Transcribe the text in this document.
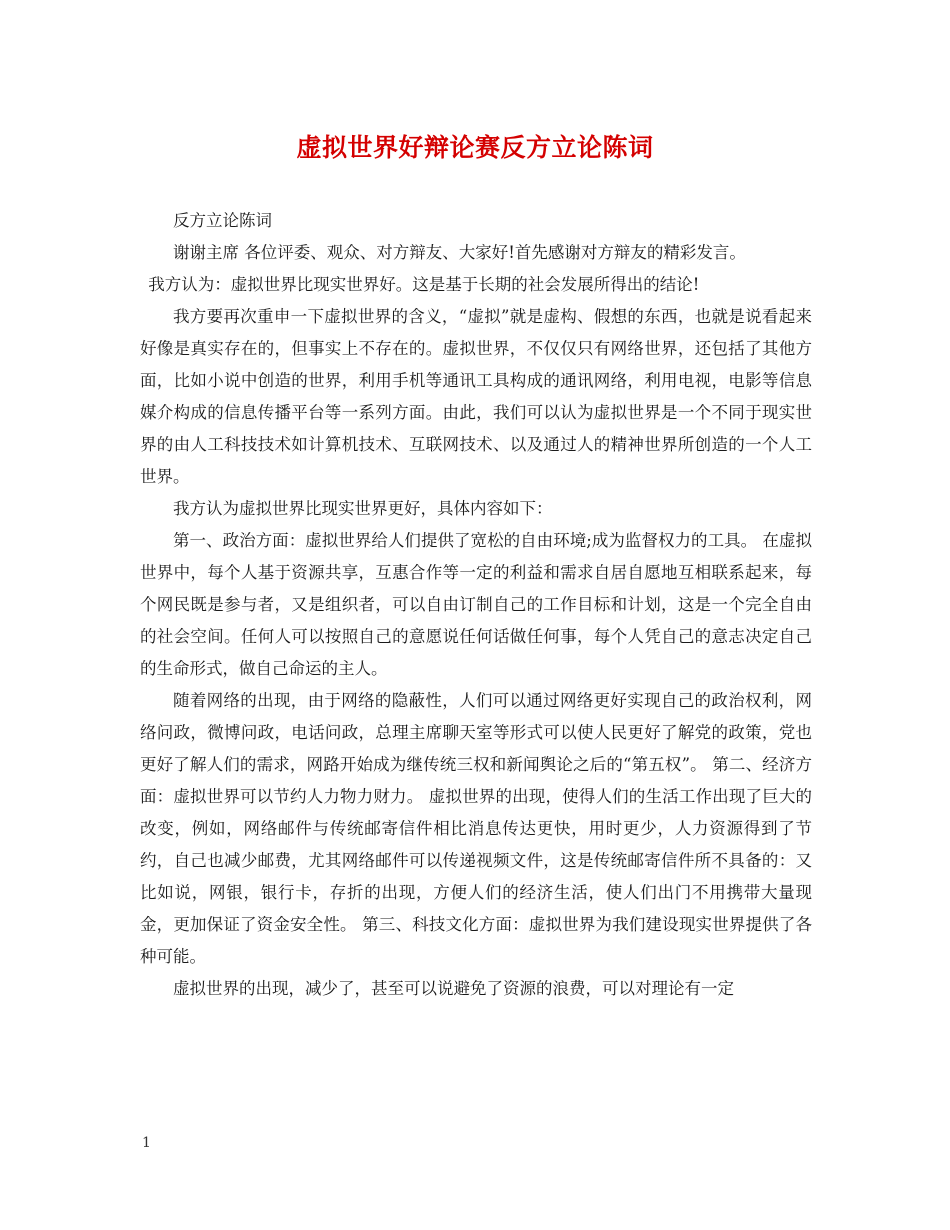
虚拟世界好辩论赛反方立论陈词

反方立论陈词

谢谢主席 各位评委、观众、对方辩友、大家好!首先感谢对方辩友的精彩发言。

我方认为：虚拟世界比现实世界好。这是基于长期的社会发展所得出的结论!

我方要再次重申一下虚拟世界的含义，“虚拟”就是虚构、假想的东西，也就是说看起来好像是真实存在的，但事实上不存在的。虚拟世界，不仅仅只有网络世界，还包括了其他方面，比如小说中创造的世界，利用手机等通讯工具构成的通讯网络，利用电视，电影等信息媒介构成的信息传播平台等一系列方面。由此，我们可以认为虚拟世界是一个不同于现实世界的由人工科技技术如计算机技术、互联网技术、以及通过人的精神世界所创造的一个人工世界。

我方认为虚拟世界比现实世界更好，具体内容如下：

第一、政治方面：虚拟世界给人们提供了宽松的自由环境;成为监督权力的工具。 在虚拟世界中，每个人基于资源共享，互惠合作等一定的利益和需求自居自愿地互相联系起来，每个网民既是参与者，又是组织者，可以自由订制自己的工作目标和计划，这是一个完全自由的社会空间。任何人可以按照自己的意愿说任何话做任何事，每个人凭自己的意志决定自己的生命形式，做自己命运的主人。

随着网络的出现，由于网络的隐蔽性，人们可以通过网络更好实现自己的政治权利，网络问政，微博问政，电话问政，总理主席聊天室等形式可以使人民更好了解党的政策，党也更好了解人们的需求，网路开始成为继传统三权和新闻舆论之后的“第五权”。 第二、经济方面：虚拟世界可以节约人力物力财力。 虚拟世界的出现，使得人们的生活工作出现了巨大的改变，例如，网络邮件与传统邮寄信件相比消息传达更快，用时更少，人力资源得到了节约，自己也减少邮费，尤其网络邮件可以传递视频文件，这是传统邮寄信件所不具备的：又比如说，网银，银行卡，存折的出现，方便人们的经济生活，使人们出门不用携带大量现金，更加保证了资金安全性。 第三、科技文化方面：虚拟世界为我们建设现实世界提供了各种可能。

虚拟世界的出现，减少了，甚至可以说避免了资源的浪费，可以对理论有一定

1
